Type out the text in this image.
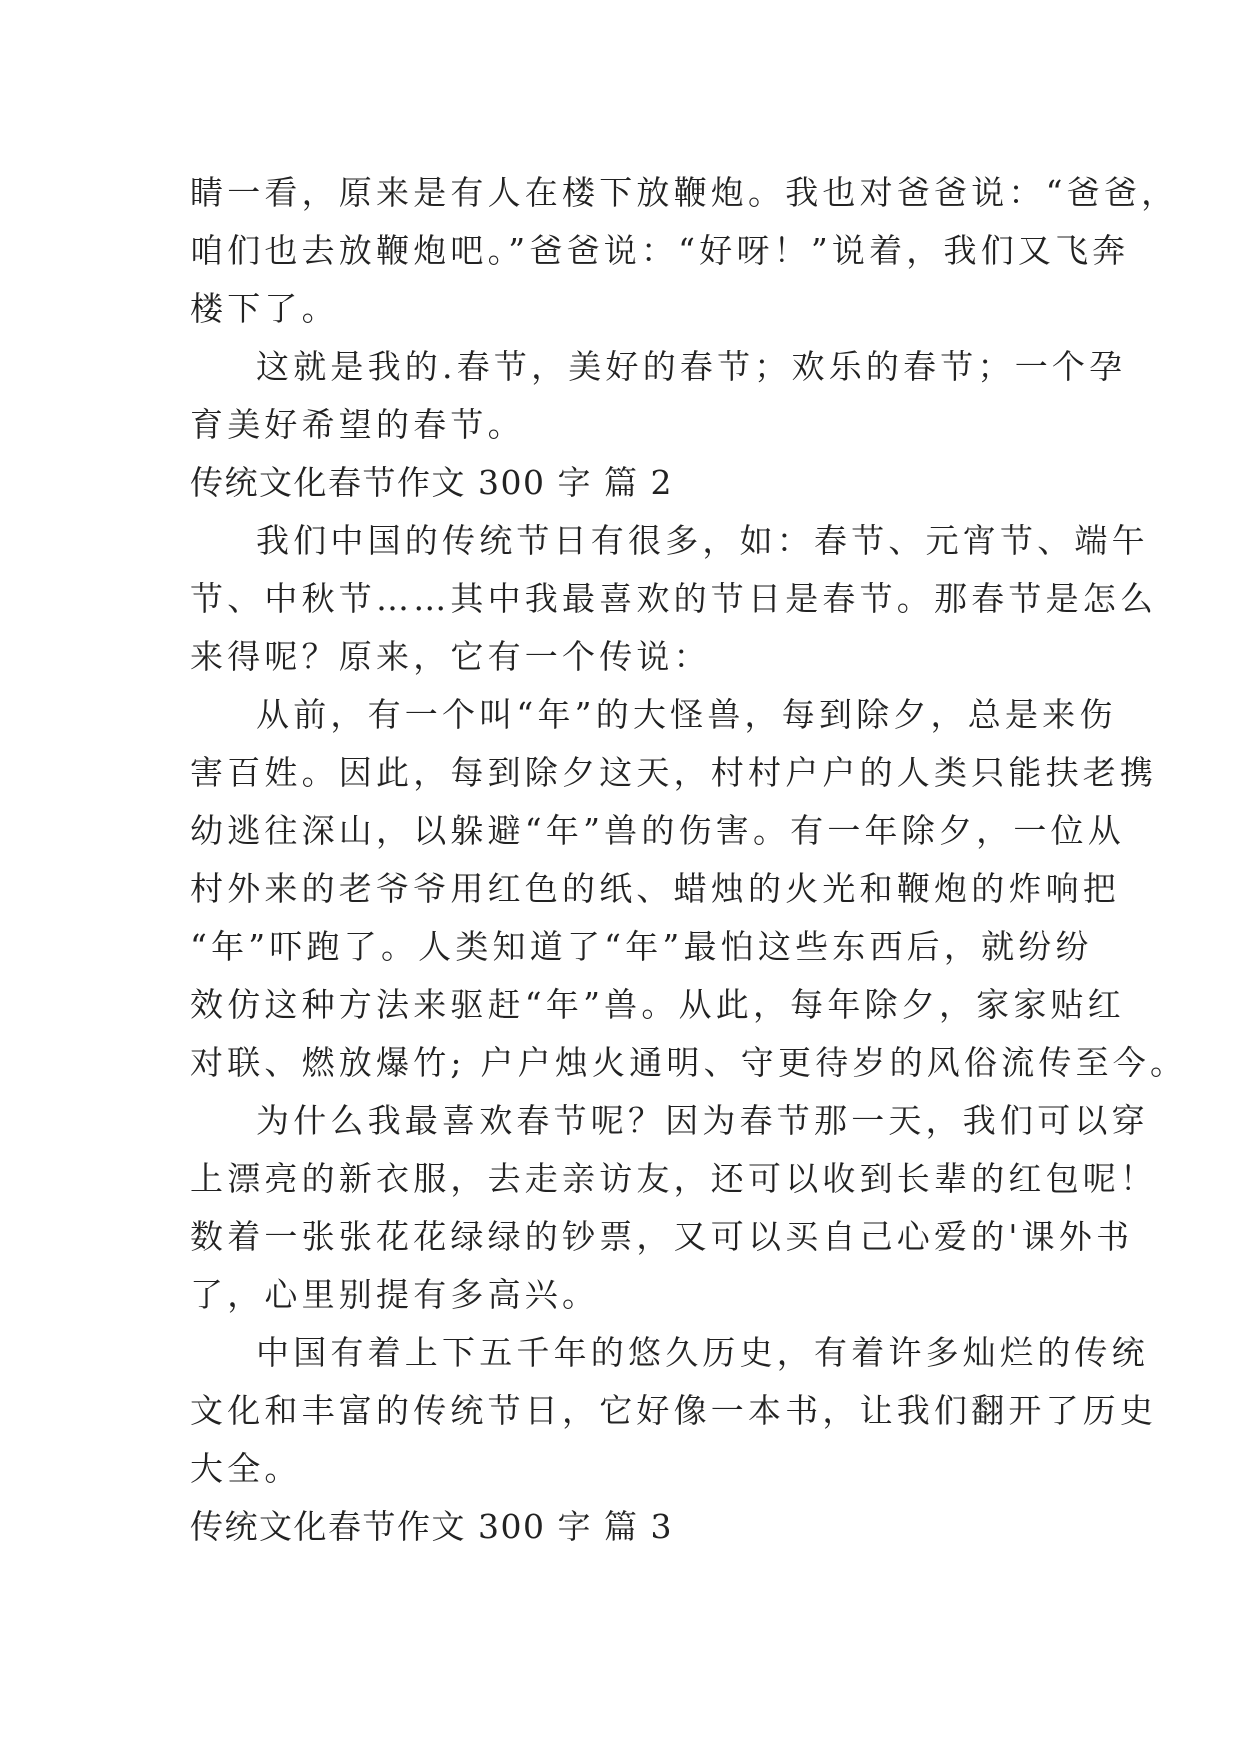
睛一看，原来是有人在楼下放鞭炮。我也对爸爸说：“爸爸，
咱们也去放鞭炮吧。”爸爸说：“好呀！”说着，我们又飞奔
楼下了。
这就是我的.春节，美好的春节；欢乐的春节；一个孕
育美好希望的春节。
传统文化春节作文 300 字 篇 2
我们中国的传统节日有很多，如：春节、元宵节、端午
节、中秋节……其中我最喜欢的节日是春节。那春节是怎么
来得呢？原来，它有一个传说：
从前，有一个叫“年”的大怪兽，每到除夕，总是来伤
害百姓。因此，每到除夕这天，村村户户的人类只能扶老携
幼逃往深山，以躲避“年”兽的伤害。有一年除夕，一位从
村外来的老爷爷用红色的纸、蜡烛的火光和鞭炮的炸响把
“年”吓跑了。人类知道了“年”最怕这些东西后，就纷纷
效仿这种方法来驱赶“年”兽。从此，每年除夕，家家贴红
对联、燃放爆竹; 户户烛火通明、守更待岁的风俗流传至今。
为什么我最喜欢春节呢？因为春节那一天，我们可以穿
上漂亮的新衣服，去走亲访友，还可以收到长辈的红包呢！
数着一张张花花绿绿的钞票，又可以买自己心爱的'课外书
了，心里别提有多高兴。
中国有着上下五千年的悠久历史，有着许多灿烂的传统
文化和丰富的传统节日，它好像一本书，让我们翻开了历史
大全。
传统文化春节作文 300 字 篇 3
